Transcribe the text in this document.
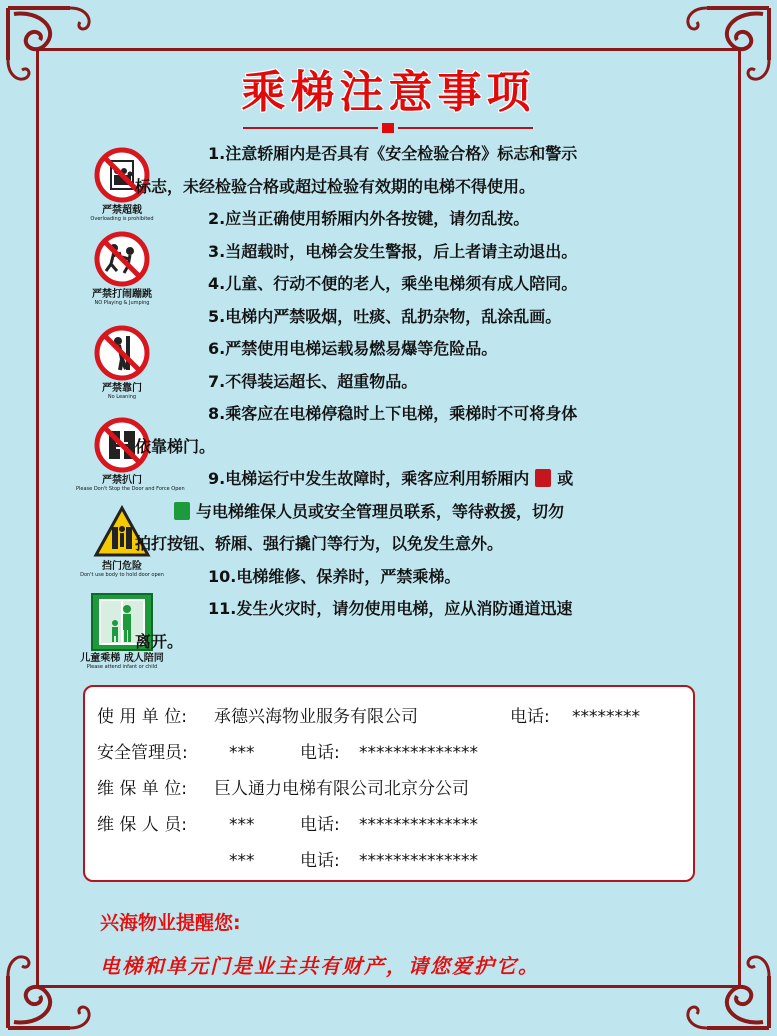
乘梯注意事项
严禁超载
Overloading is prohibited
严禁打闹蹦跳
NO Playing & Jumping
严禁靠门
No Leaning
严禁扒门
Please Don't Stop the Door and Force Open
挡门危险
Don't use body to hold door open
儿童乘梯 成人陪同
Please attend infant or child
1.注意轿厢内是否具有《安全检验合格》标志和警示
标志，未经检验合格或超过检验有效期的电梯不得使用。
2.应当正确使用轿厢内外各按键，请勿乱按。
3.当超载时，电梯会发生警报，后上者请主动退出。
4.儿童、行动不便的老人，乘坐电梯须有成人陪同。
5.电梯内严禁吸烟，吐痰、乱扔杂物，乱涂乱画。
6.严禁使用电梯运载易燃易爆等危险品。
7.不得装运超长、超重物品。
8.乘客应在电梯停稳时上下电梯，乘梯时不可将身体
依靠梯门。
9.电梯运行中发生故障时，乘客应利用轿厢内 或
与电梯维保人员或安全管理员联系，等待救援，切勿
拍打按钮、轿厢、强行撬门等行为，以免发生意外。
10.电梯维修、保养时，严禁乘梯。
11.发生火灾时，请勿使用电梯，应从消防通道迅速
离开。
使 用 单 位: 承德兴海物业服务有限公司	电话: ********
安全管理员: ***	电话: **************
维 保 单 位: 巨人通力电梯有限公司北京分公司
维 保 人 员: ***	电话: **************
***	电话: **************
兴海物业提醒您:
电梯和单元门是业主共有财产，请您爱护它。
